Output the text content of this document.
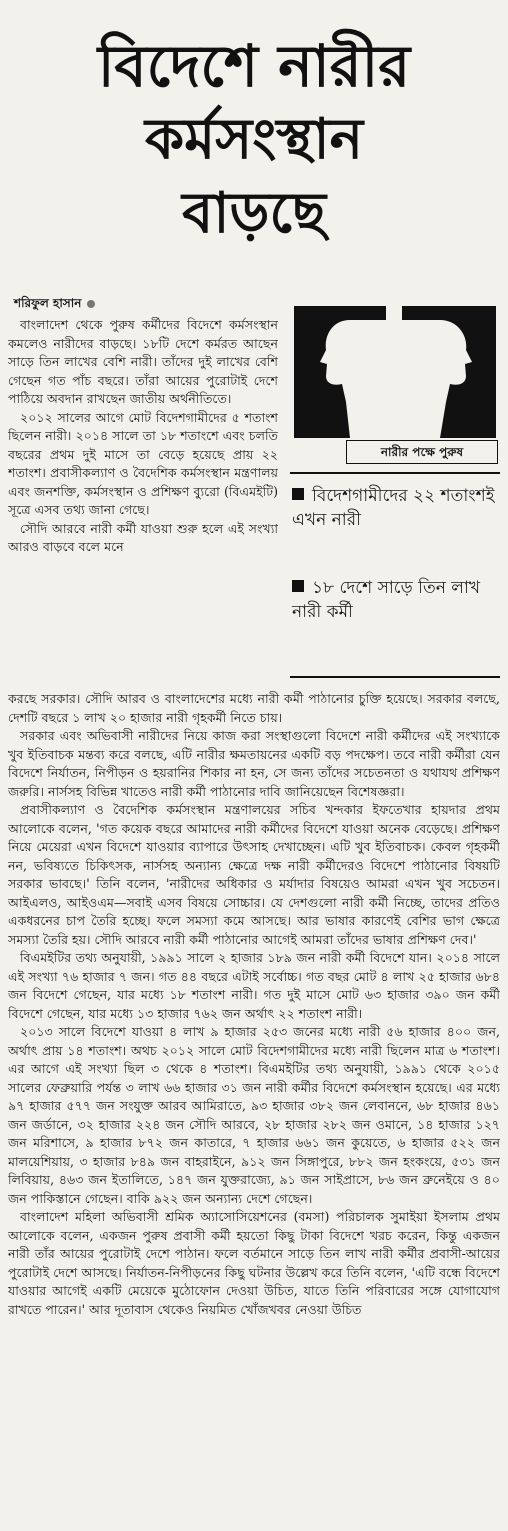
বিদেশে নারীর
কর্মসংস্থান
বাড়ছে
শরিফুল হাসান

বাংলাদেশ থেকে পুরুষ কর্মীদের বিদেশে কর্মসংস্থান কমলেও নারীদের বাড়ছে। ১৮টি দেশে কর্মরত আছেন সাড়ে তিন লাখের বেশি নারী। তাঁদের দুই লাখের বেশি গেছেন গত পাঁচ বছরে। তাঁরা আয়ের পুরোটাই দেশে পাঠিয়ে অবদান রাখছেন জাতীয় অর্থনীতিতে।

২০১২ সালের আগে মোট বিদেশগামীদের ৫ শতাংশ ছিলেন নারী। ২০১৪ সালে তা ১৮ শতাংশে এবং চলতি বছরের প্রথম দুই মাসে তা বেড়ে হয়েছে প্রায় ২২ শতাংশ। প্রবাসীকল্যাণ ও বৈদেশিক কর্মসংস্থান মন্ত্রণালয় এবং জনশক্তি, কর্মসংস্থান ও প্রশিক্ষণ ব্যুরো (বিএমইটি) সূত্রে এসব তথ্য জানা গেছে।

সৌদি আরবে নারী কর্মী যাওয়া শুরু হলে এই সংখ্যা আরও বাড়বে বলে মনে

নারীর পক্ষে পুরুষ
বিদেশগামীদের ২২ শতাংশই এখন নারী
১৮ দেশে সাড়ে তিন লাখ নারী কর্মী

করছে সরকার। সৌদি আরব ও বাংলাদেশের মধ্যে নারী কর্মী পাঠানোর চুক্তি হয়েছে। সরকার বলছে, দেশটি বছরে ১ লাখ ২০ হাজার নারী গৃহকর্মী নিতে চায়।

সরকার এবং অভিবাসী নারীদের নিয়ে কাজ করা সংস্থাগুলো বিদেশে নারী কর্মীদের এই সংখ্যাকে খুব ইতিবাচক মন্তব্য করে বলছে, এটি নারীর ক্ষমতায়নের একটি বড় পদক্ষেপ। তবে নারী কর্মীরা যেন বিদেশে নির্যাতন, নিপীড়ন ও হয়রানির শিকার না হন, সে জন্য তাঁদের সচেতনতা ও যথাযথ প্রশিক্ষণ জরুরি। নার্সসহ বিভিন্ন খাতেও নারী কর্মী পাঠানোর দাবি জানিয়েছেন বিশেষজ্ঞরা।

প্রবাসীকল্যাণ ও বৈদেশিক কর্মসংস্থান মন্ত্রণালয়ের সচিব খন্দকার ইফতেখার হায়দার প্রথম আলোকে বলেন, 'গত কয়েক বছরে আমাদের নারী কর্মীদের বিদেশে যাওয়া অনেক বেড়েছে। প্রশিক্ষণ নিয়ে মেয়েরা এখন বিদেশে যাওয়ার ব্যাপারে উৎসাহ দেখাচ্ছেন। এটি খুব ইতিবাচক। কেবল গৃহকর্মী নন, ভবিষ্যতে চিকিৎসক, নার্সসহ অন্যান্য ক্ষেত্রে দক্ষ নারী কর্মীদেরও বিদেশে পাঠানোর বিষয়টি সরকার ভাবছে।' তিনি বলেন, 'নারীদের অধিকার ও মর্যাদার বিষয়েও আমরা এখন খুব সচেতন। আইএলও, আইওএম—সবাই এসব বিষয়ে সোচ্চার। যে দেশগুলো নারী কর্মী নিচ্ছে, তাদের প্রতিও একধরনের চাপ তৈরি হচ্ছে। ফলে সমস্যা কমে আসছে। আর ভাষার কারণেই বেশির ভাগ ক্ষেত্রে সমস্যা তৈরি হয়। সৌদি আরবে নারী কর্মী পাঠানোর আগেই আমরা তাঁদের ভাষার প্রশিক্ষণ দেব।'

বিএমইটির তথ্য অনুযায়ী, ১৯৯১ সালে ২ হাজার ১৮৯ জন নারী কর্মী বিদেশে যান। ২০১৪ সালে এই সংখ্যা ৭৬ হাজার ৭ জন। গত ৪৪ বছরে এটাই সর্বোচ্চ। গত বছর মোট ৪ লাখ ২৫ হাজার ৬৮৪ জন বিদেশে গেছেন, যার মধ্যে ১৮ শতাংশ নারী। গত দুই মাসে মোট ৬৩ হাজার ৩৯০ জন কর্মী বিদেশে গেছেন, যার মধ্যে ১৩ হাজার ৭৬২ জন অর্থাৎ ২২ শতাংশ নারী।

২০১৩ সালে বিদেশে যাওয়া ৪ লাখ ৯ হাজার ২৫৩ জনের মধ্যে নারী ৫৬ হাজার ৪০০ জন, অর্থাৎ প্রায় ১৪ শতাংশ। অথচ ২০১২ সালে মোট বিদেশগামীদের মধ্যে নারী ছিলেন মাত্র ৬ শতাংশ। এর আগে এই সংখ্যা ছিল ৩ থেকে ৪ শতাংশ। বিএমইটির তথ্য অনুযায়ী, ১৯৯১ থেকে ২০১৫ সালের ফেব্রুয়ারি পর্যন্ত ৩ লাখ ৬৬ হাজার ৩১ জন নারী কর্মীর বিদেশে কর্মসংস্থান হয়েছে। এর মধ্যে ৯৭ হাজার ৫৭৭ জন সংযুক্ত আরব আমিরাতে, ৯৩ হাজার ৩৮২ জন লেবাননে, ৬৮ হাজার ৪৬১ জন জর্ডানে, ৩২ হাজার ২২৪ জন সৌদি আরবে, ২৮ হাজার ২৮২ জন ওমানে, ১৪ হাজার ১২৭ জন মরিশাসে, ৯ হাজার ৮৭২ জন কাতারে, ৭ হাজার ৬৬১ জন কুয়েতে, ৬ হাজার ৫২২ জন মালয়েশিয়ায়, ৩ হাজার ৮৪৯ জন বাহরাইনে, ৯১২ জন সিঙ্গাপুরে, ৮৮২ জন হংকংয়ে, ৫৩১ জন লিবিয়ায়, ৪৬৩ জন ইতালিতে, ১৪৭ জন যুক্তরাজ্যে, ৯১ জন সাইপ্রাসে, ৮৬ জন ব্রুনেইয়ে ও ৪০ জন পাকিস্তানে গেছেন। বাকি ৯২২ জন অন্যান্য দেশে গেছেন।

বাংলাদেশ মহিলা অভিবাসী শ্রমিক অ্যাসোসিয়েশনের (বমসা) পরিচালক সুমাইয়া ইসলাম প্রথম আলোকে বলেন, একজন পুরুষ প্রবাসী কর্মী হয়তো কিছু টাকা বিদেশে খরচ করেন, কিন্তু একজন নারী তাঁর আয়ের পুরোটাই দেশে পাঠান। ফলে বর্তমানে সাড়ে তিন লাখ নারী কর্মীর প্রবাসী-আয়ের পুরোটাই দেশে আসছে। নির্যাতন-নিপীড়নের কিছু ঘটনার উল্লেখ করে তিনি বলেন, 'এটি বন্ধে বিদেশে যাওয়ার আগেই একটি মেয়েকে মুঠোফোন দেওয়া উচিত, যাতে তিনি পরিবারের সঙ্গে যোগাযোগ রাখতে পারেন।' আর দূতাবাস থেকেও নিয়মিত খোঁজখবর নেওয়া উচিত
